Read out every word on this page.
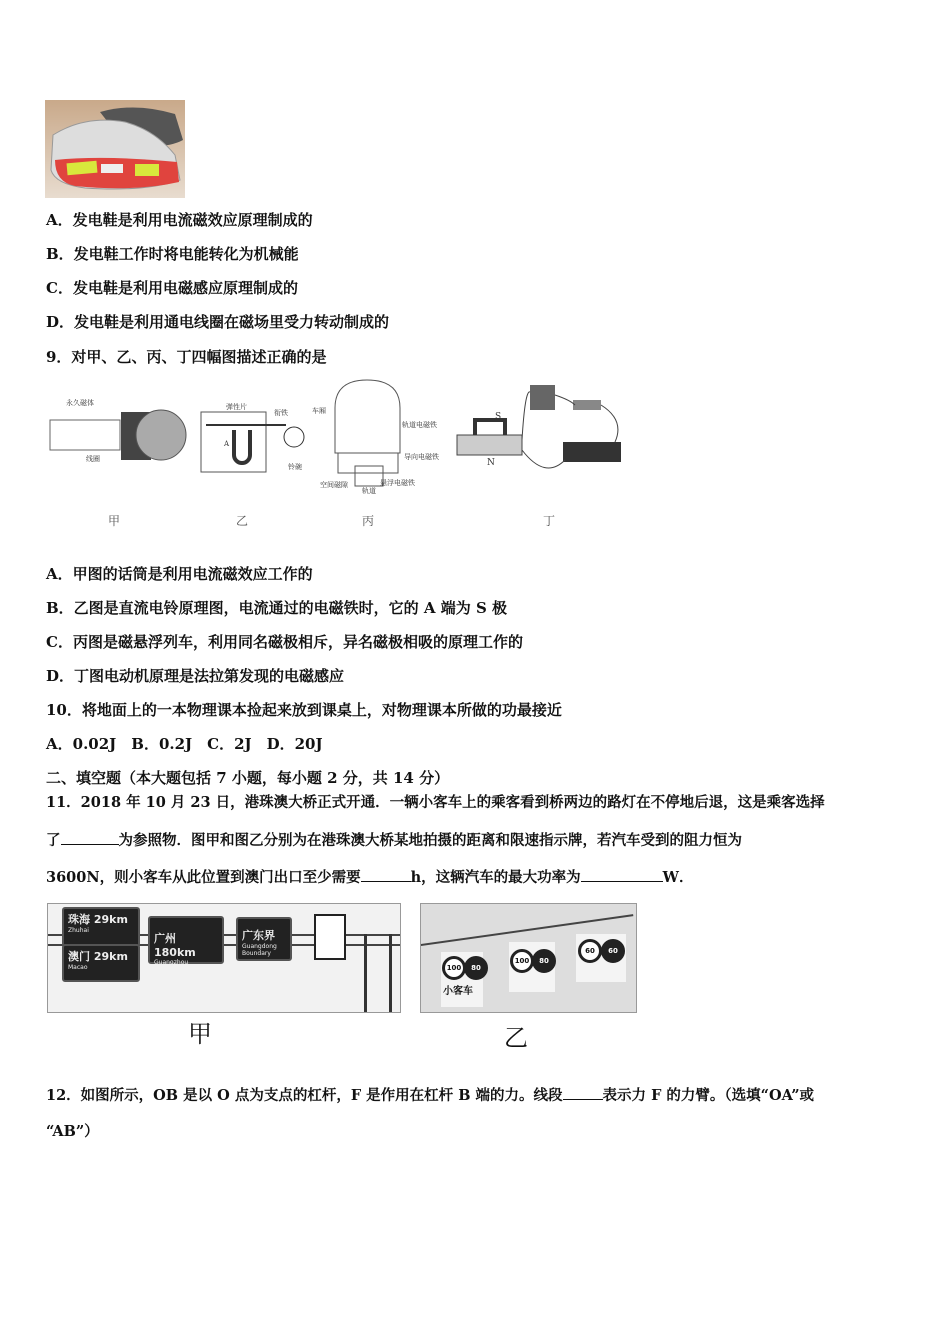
A．发电鞋是利用电流磁效应原理制成的
B．发电鞋工作时将电能转化为机械能
C．发电鞋是利用电磁感应原理制成的
D．发电鞋是利用通电线圈在磁场里受力转动制成的
9．对甲、乙、丙、丁四幅图描述正确的是
永久磁体
线圈
甲
弹性片
衔铁
A
铃碗
乙
车厢
轨道电磁铁
导向电磁铁
空间磁隙
轨道
悬浮电磁铁
丙
S
N
丁
A．甲图的话筒是利用电流磁效应工作的
B．乙图是直流电铃原理图，电流通过的电磁铁时，它的 A 端为 S 极
C．丙图是磁悬浮列车，利用同名磁极相斥，异名磁极相吸的原理工作的
D．丁图电动机原理是法拉第发现的电磁感应
10．将地面上的一本物理课本捡起来放到课桌上，对物理课本所做的功最接近
A．0.02J　B．0.2J　C．2J　D．20J
二、填空题（本大题包括 7 小题，每小题 2 分，共 14 分）
11．2018 年 10 月 23 日，港珠澳大桥正式开通．一辆小客车上的乘客看到桥两边的路灯在不停地后退，这是乘客选择
了	为参照物．图甲和图乙分别为在港珠澳大桥某地拍摄的距离和限速指示牌，若汽车受到的阻力恒为
3600N，则小客车从此位置到澳门出口至少需要	h，这辆汽车的最大功率为	W．
珠海 29km
Zhuhai
澳门 29km
Macao
广州 180km
Guangzhou
广东界
Guangdong Boundary
甲
100	80
100	80
60	60
小客车
乙
12．如图所示，OB 是以 O 点为支点的杠杆，F 是作用在杠杆 B 端的力。线段	表示力 F 的力臂。（选填“OA”或
“AB”）
